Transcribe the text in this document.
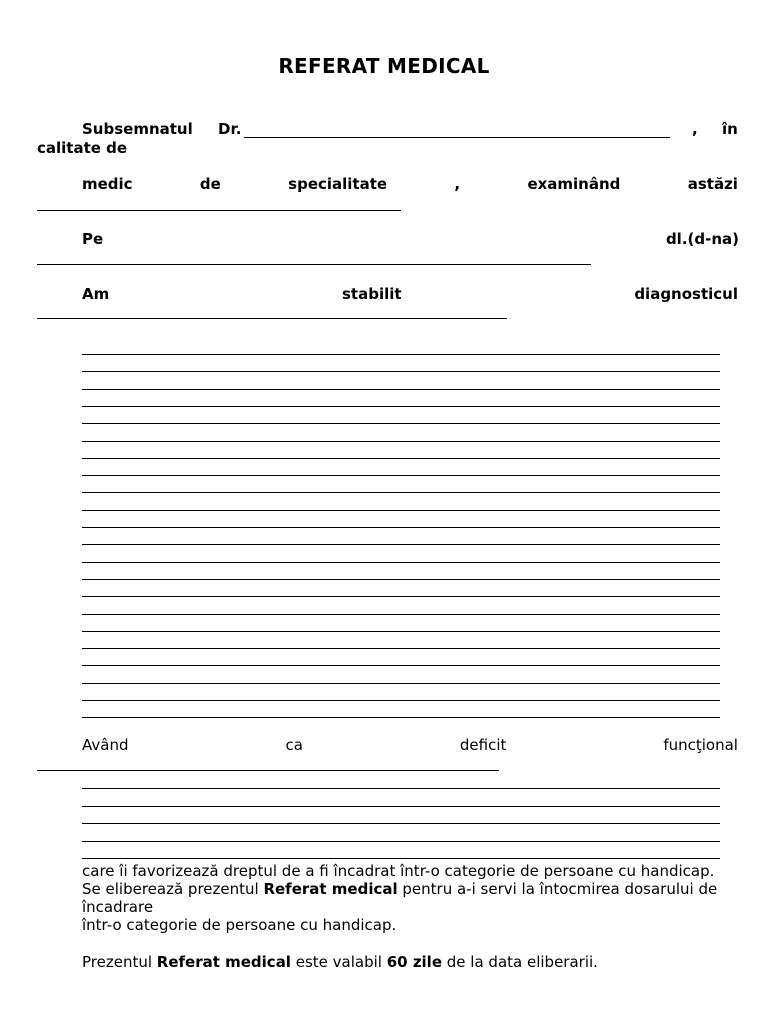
REFERAT MEDICAL
Subsemnatul Dr.	, în
calitate de
medic	de	specialitate	,	examinând	astăzi
Pe	dl.(d-na)
Am	stabilit	diagnosticul
Având	ca	deficit	funcţional
care îi favorizează dreptul de a fi încadrat într-o categorie de persoane cu handicap.
Se eliberează prezentul Referat medical pentru a-i servi la întocmirea dosarului de
încadrare
într-o categorie de persoane cu handicap.
Prezentul Referat medical este valabil 60 zile de la data eliberarii.
